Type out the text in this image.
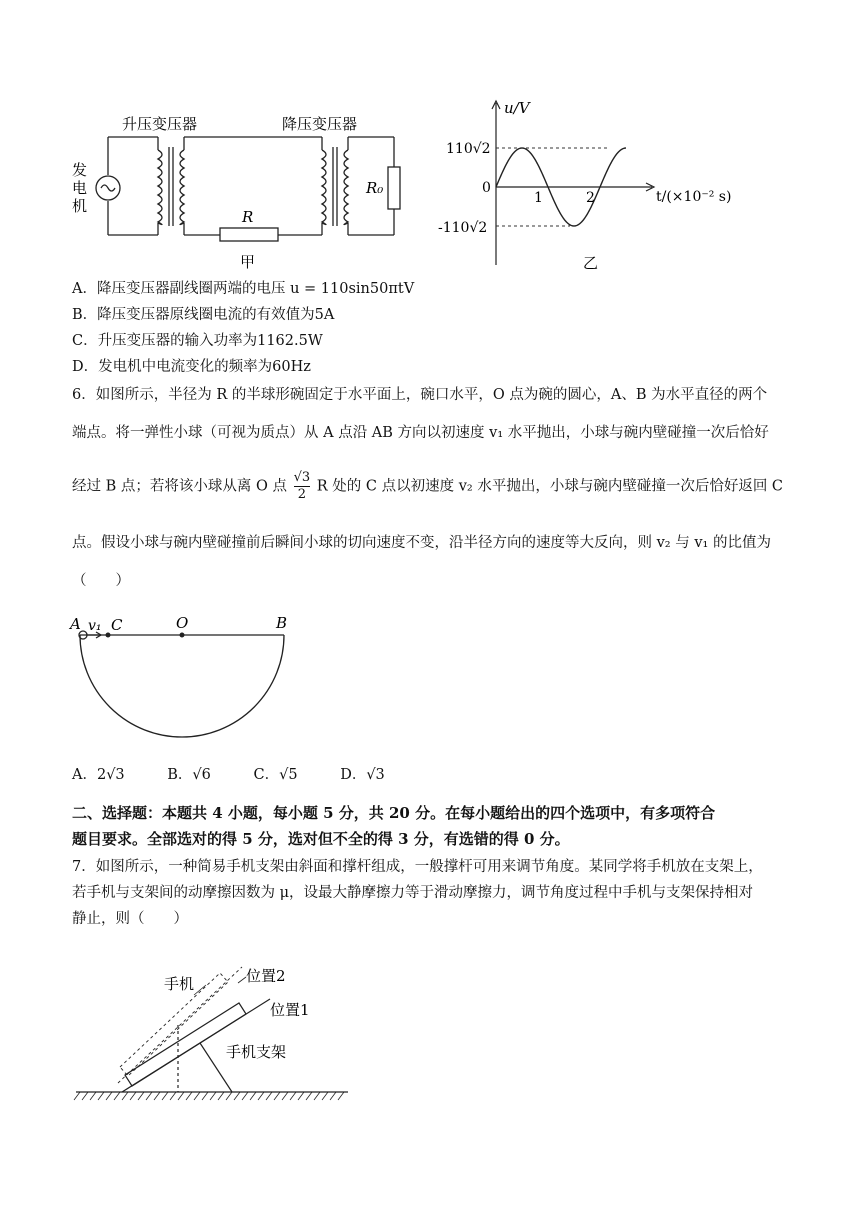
升压变压器	降压变压器
发
电
机
R
R₀
甲
u/V
110√2
-110√2
0
1	2	t/(×10⁻² s)
乙
A．降压变压器副线圈两端的电压 u = 110sin50πtV
B．降压变压器原线圈电流的有效值为5A
C．升压变压器的输入功率为1162.5W
D．发电机中电流变化的频率为60Hz
6．如图所示，半径为 R 的半球形碗固定于水平面上，碗口水平，O 点为碗的圆心，A、B 为水平直径的两个
端点。将一弹性小球（可视为质点）从 A 点沿 AB 方向以初速度 v₁ 水平抛出，小球与碗内壁碰撞一次后恰好
经过 B 点；若将该小球从离 O 点 $\frac{√3}{2}$ R 处的 C 点以初速度 v₂ 水平抛出，小球与碗内壁碰撞一次后恰好返回 C
点。假设小球与碗内壁碰撞前后瞬间小球的切向速度不变，沿半径方向的速度等大反向，则 v₂ 与 v₁ 的比值为
（　　）
A v₁ C	O	B
A．2√3	B．√6	C．√5	D．√3
二、选择题：本题共 4 小题，每小题 5 分，共 20 分。在每小题给出的四个选项中，有多项符合
题目要求。全部选对的得 5 分，选对但不全的得 3 分，有选错的得 0 分。
7．如图所示，一种简易手机支架由斜面和撑杆组成，一般撑杆可用来调节角度。某同学将手机放在支架上，
若手机与支架间的动摩擦因数为 μ，设最大静摩擦力等于滑动摩擦力，调节角度过程中手机与支架保持相对
静止，则（　　）
手机	位置2
位置1
手机支架
